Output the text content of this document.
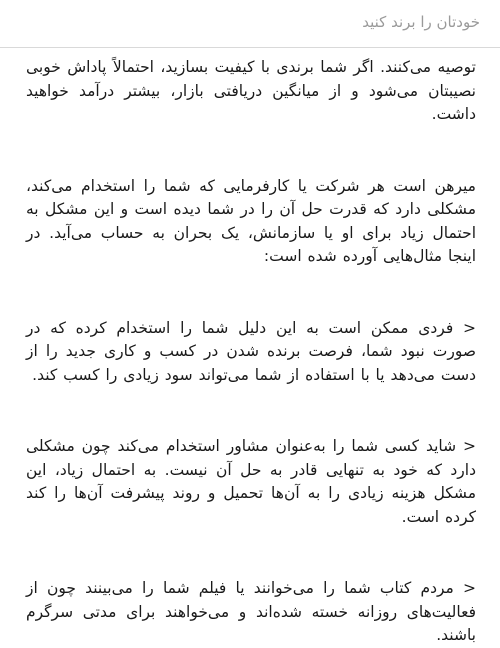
خودتان را برند کنید

توصیه می‌کنند. اگر شما برندی با کیفیت بسازید، احتمالاً پاداش خوبی نصیبتان می‌شود و از میانگین دریافتی بازار، بیشتر درآمد خواهید داشت.

میرهن است هر شرکت یا کارفرمایی که شما را استخدام می‌کند، مشکلی دارد که قدرت حل آن را در شما دیده است و این مشکل به احتمال زیاد برای او یا سازمانش، یک بحران به حساب می‌آید. در اینجا مثال‌هایی آورده شده است:

< فردی ممکن است به این دلیل شما را استخدام کرده که در صورت نبود شما، فرصت برنده شدن در کسب و کاری جدید را از دست می‌دهد یا با استفاده از شما می‌تواند سود زیادی را کسب کند.

< شاید کسی شما را به‌عنوان مشاور استخدام می‌کند چون مشکلی دارد که خود به تنهایی قادر به حل آن نیست. به احتمال زیاد، این مشکل هزینه زیادی را به آن‌ها تحمیل و روند پیشرفت آن‌ها را کند کرده است.

< مردم کتاب شما را می‌خوانند یا فیلم شما را می‌بینند چون از فعالیت‌های روزانه خسته شده‌اند و می‌خواهند برای مدتی سرگرم باشند.
